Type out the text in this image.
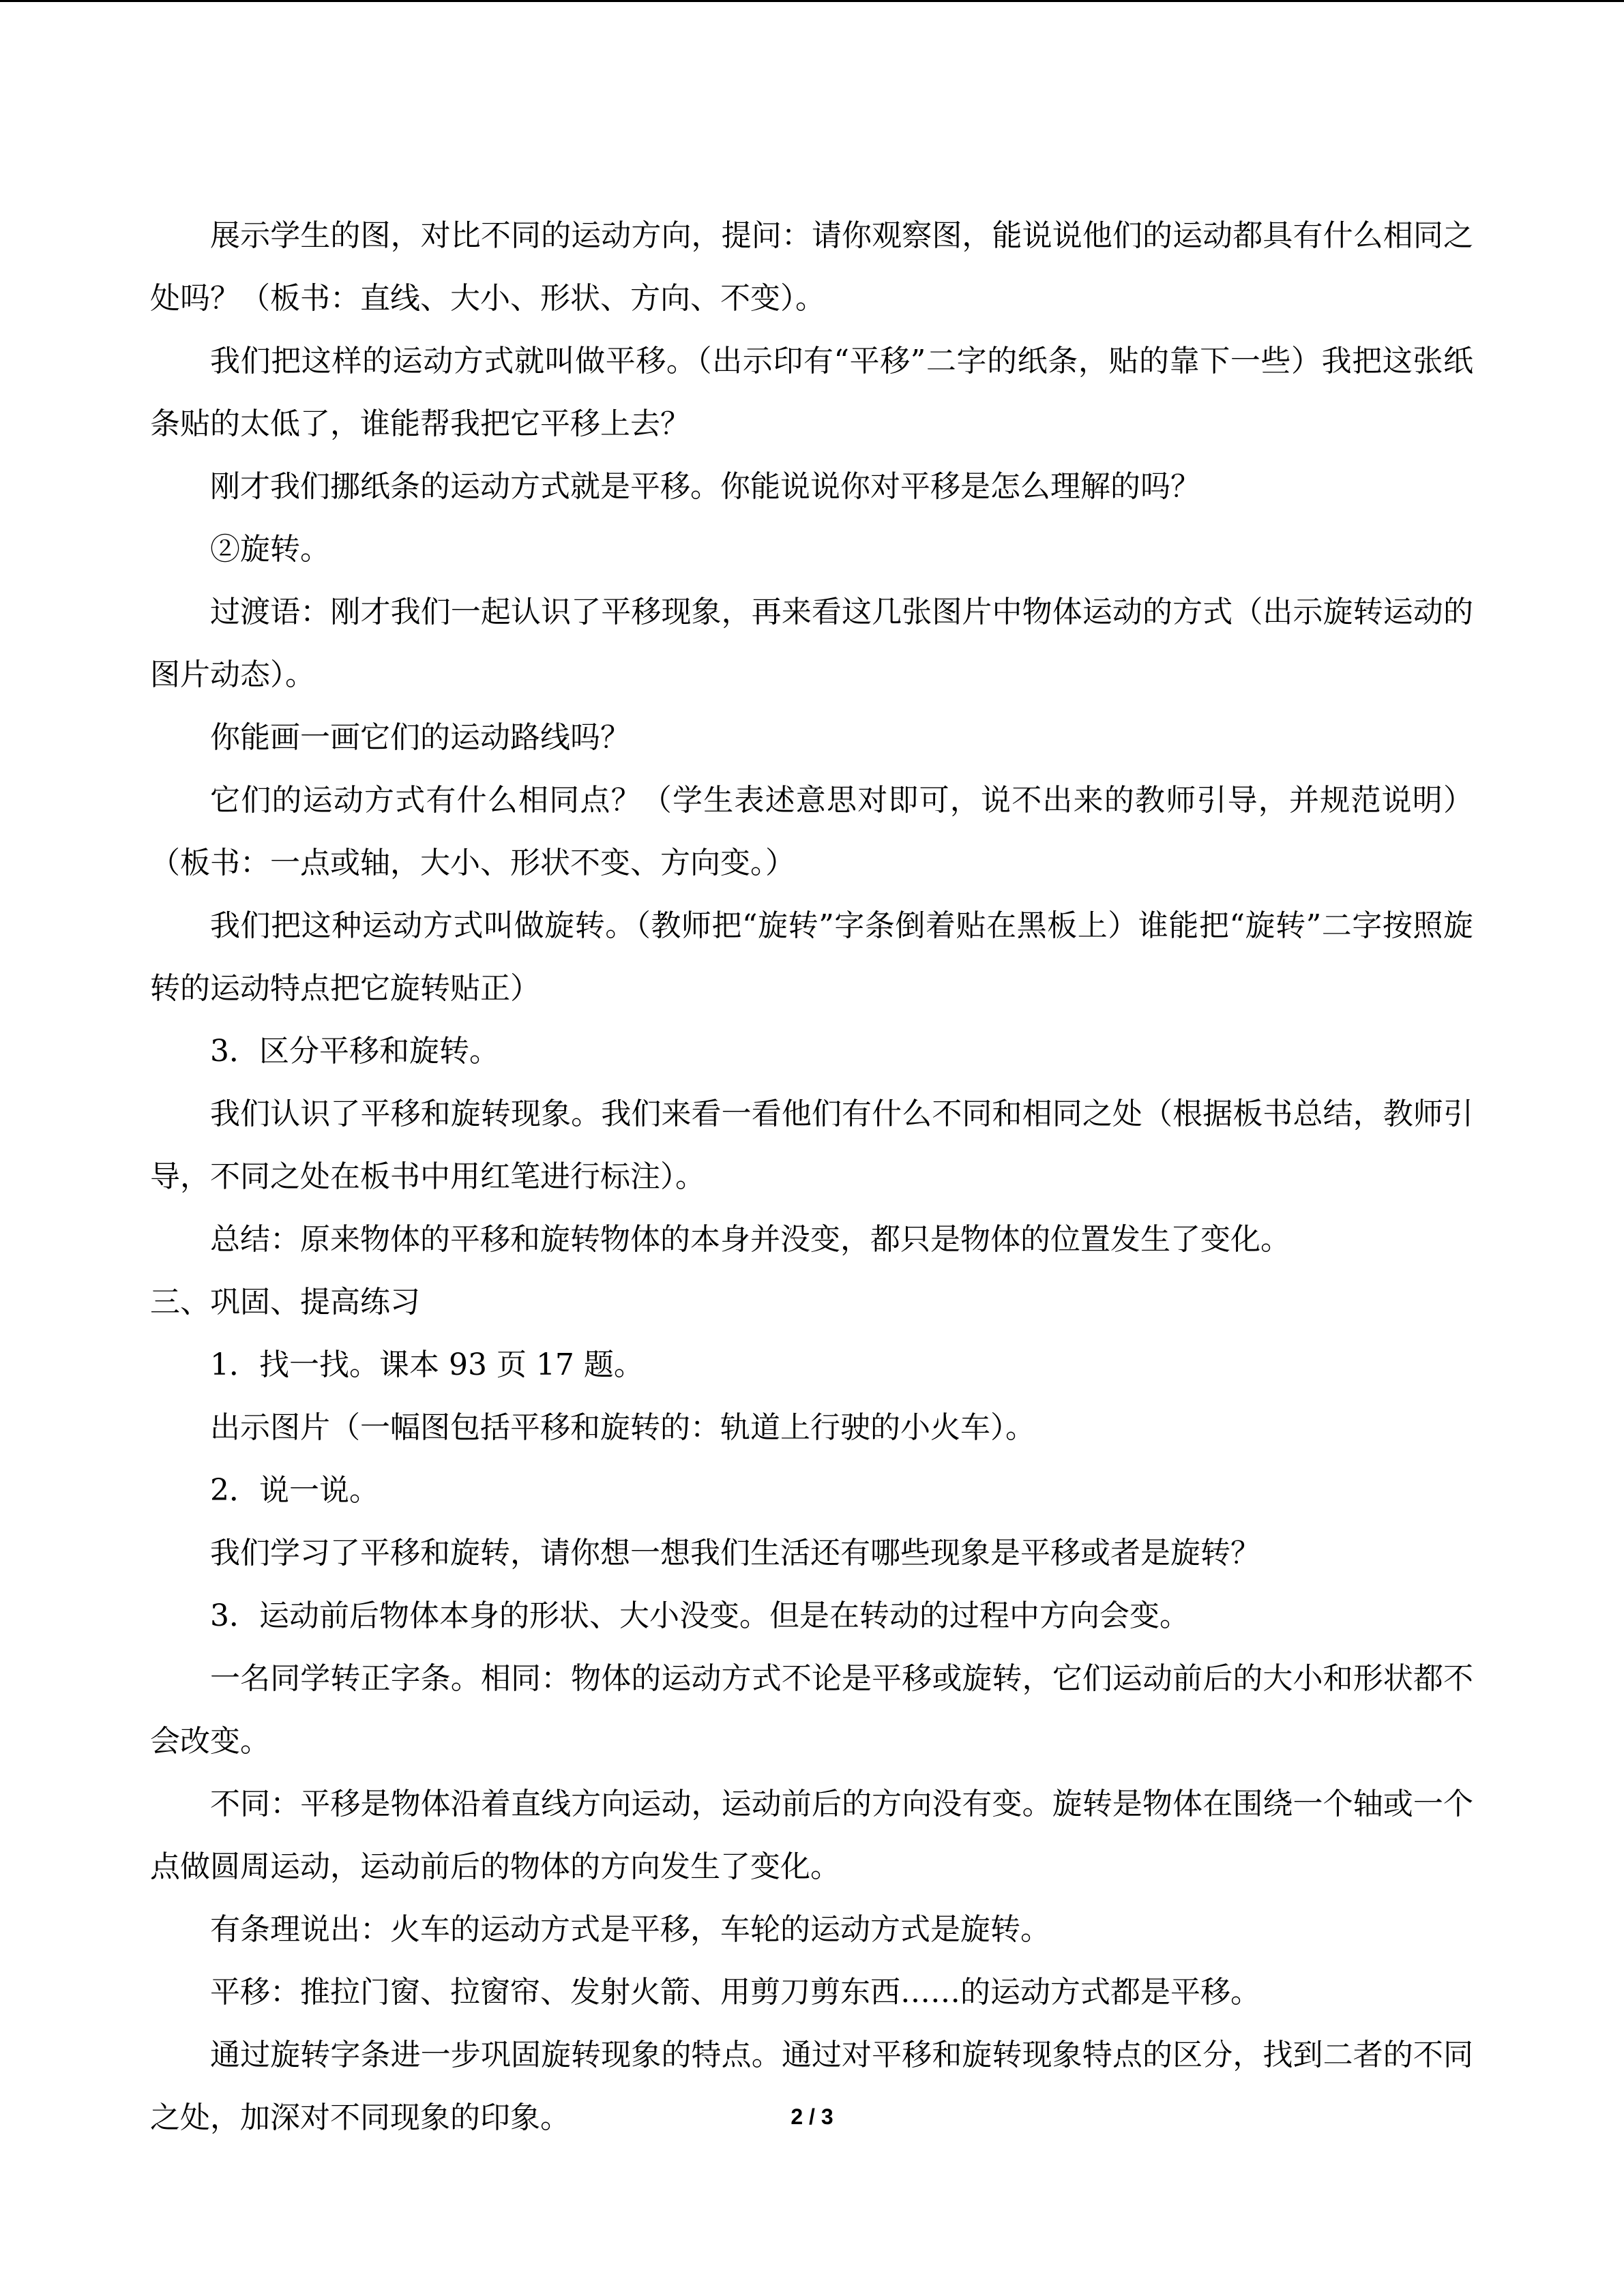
展示学生的图，对比不同的运动方向，提问：请你观察图，能说说他们的运动都具有什么相同之处吗？（板书：直线、大小、形状、方向、不变）。

我们把这样的运动方式就叫做平移。（出示印有“平移”二字的纸条，贴的靠下一些）我把这张纸条贴的太低了，谁能帮我把它平移上去？

刚才我们挪纸条的运动方式就是平移。你能说说你对平移是怎么理解的吗？

②旋转。

过渡语：刚才我们一起认识了平移现象，再来看这几张图片中物体运动的方式（出示旋转运动的图片动态）。

你能画一画它们的运动路线吗？

它们的运动方式有什么相同点？（学生表述意思对即可，说不出来的教师引导，并规范说明）（板书：一点或轴，大小、形状不变、方向变。）

我们把这种运动方式叫做旋转。（教师把“旋转”字条倒着贴在黑板上）谁能把“旋转”二字按照旋转的运动特点把它旋转贴正）

3．区分平移和旋转。

我们认识了平移和旋转现象。我们来看一看他们有什么不同和相同之处（根据板书总结，教师引导，不同之处在板书中用红笔进行标注）。

总结：原来物体的平移和旋转物体的本身并没变，都只是物体的位置发生了变化。

三、巩固、提高练习

1．找一找。课本 93 页 17 题。

出示图片（一幅图包括平移和旋转的：轨道上行驶的小火车）。

2．说一说。

我们学习了平移和旋转，请你想一想我们生活还有哪些现象是平移或者是旋转？

3．运动前后物体本身的形状、大小没变。但是在转动的过程中方向会变。

一名同学转正字条。相同：物体的运动方式不论是平移或旋转，它们运动前后的大小和形状都不会改变。

不同：平移是物体沿着直线方向运动，运动前后的方向没有变。旋转是物体在围绕一个轴或一个点做圆周运动，运动前后的物体的方向发生了变化。

有条理说出：火车的运动方式是平移，车轮的运动方式是旋转。

平移：推拉门窗、拉窗帘、发射火箭、用剪刀剪东西……的运动方式都是平移。

通过旋转字条进一步巩固旋转现象的特点。通过对平移和旋转现象特点的区分，找到二者的不同之处，加深对不同现象的印象。	2 / 3
